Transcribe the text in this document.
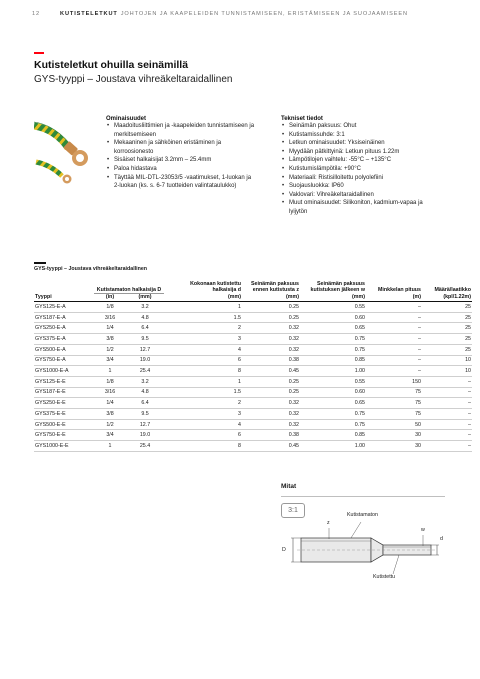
12	KUTISTELETKUT JOHTOJEN JA KAAPELEIDEN TUNNISTAMISEEN, ERISTÄMISEEN JA SUOJAAMISEEN
Kutisteletkut ohuilla seinämillä
GYS-tyyppi – Joustava vihreäkeltaraidallinen
Ominaisuudet
• Maadoitusliittimien ja -kaapeleiden tunnistamiseen ja merkitsemiseen
• Mekaaninen ja sähköinen eristäminen ja korroosionesto
• Sisäiset halkaisijat 3.2mm – 25.4mm
• Paloa hidastava
• Täyttää MIL-DTL-23053/5 -vaatimukset, 1-luokan ja 2-luokan (ks. s. 6-7 tuotteiden valintataulukko)
Tekniset tiedot
• Seinämän paksuus: Ohut
• Kutistamissuhde: 3:1
• Letkun ominaisuudet: Yksiseinäinen
• Myydään pätkittyinä: Letkun pituus 1.22m
• Lämpötilojen vaihtelu: -55°C – +135°C
• Kutistumislämpötila: +90°C
• Materiaali: Ristisilloitettu polyolefiini
• Suojausluokka: IP60
• Vaklovari: Vihreäkeltaraidallinen
• Muut ominaisuudet: Silikoniton, kadmium-vapaa ja lyijytön
GYS-tyyppi – Joustava vihreäkeltaraidallinen
	Kutistamaton halkaisija D		Kokonaan kutistettu halkaisija d	Seinämän paksuus ennen kutistusta z	Seinämän paksuus kutistuksen jälkeen w	Minkkelan pituus	Määrä/laatikko
Tyyppi	(in)	(mm)	(mm)	(mm)	(mm)	(m)	(kpl/1.22m)
GYS125-E-A	1/8	3.2	1	0.25	0.55	–	25
GYS187-E-A	3/16	4.8	1.5	0.25	0.60	–	25
GYS250-E-A	1/4	6.4	2	0.32	0.65	–	25
GYS375-E-A	3/8	9.5	3	0.32	0.75	–	25
GYS500-E-A	1/2	12.7	4	0.32	0.75	–	25
GYS750-E-A	3/4	19.0	6	0.38	0.85	–	10
GYS1000-E-A	1	25.4	8	0.45	1.00	–	10
GYS125-E-E	1/8	3.2	1	0.25	0.55	150	–
GYS187-E-E	3/16	4.8	1.5	0.25	0.60	75	–
GYS250-E-E	1/4	6.4	2	0.32	0.65	75	–
GYS375-E-E	3/8	9.5	3	0.32	0.75	75	–
GYS500-E-E	1/2	12.7	4	0.32	0.75	50	–
GYS750-E-E	3/4	19.0	6	0.38	0.85	30	–
GYS1000-E-E	1	25.4	8	0.45	1.00	30	–
Mitat
3:1
Kutistamaton
z
w
D
d
Kutistettu
